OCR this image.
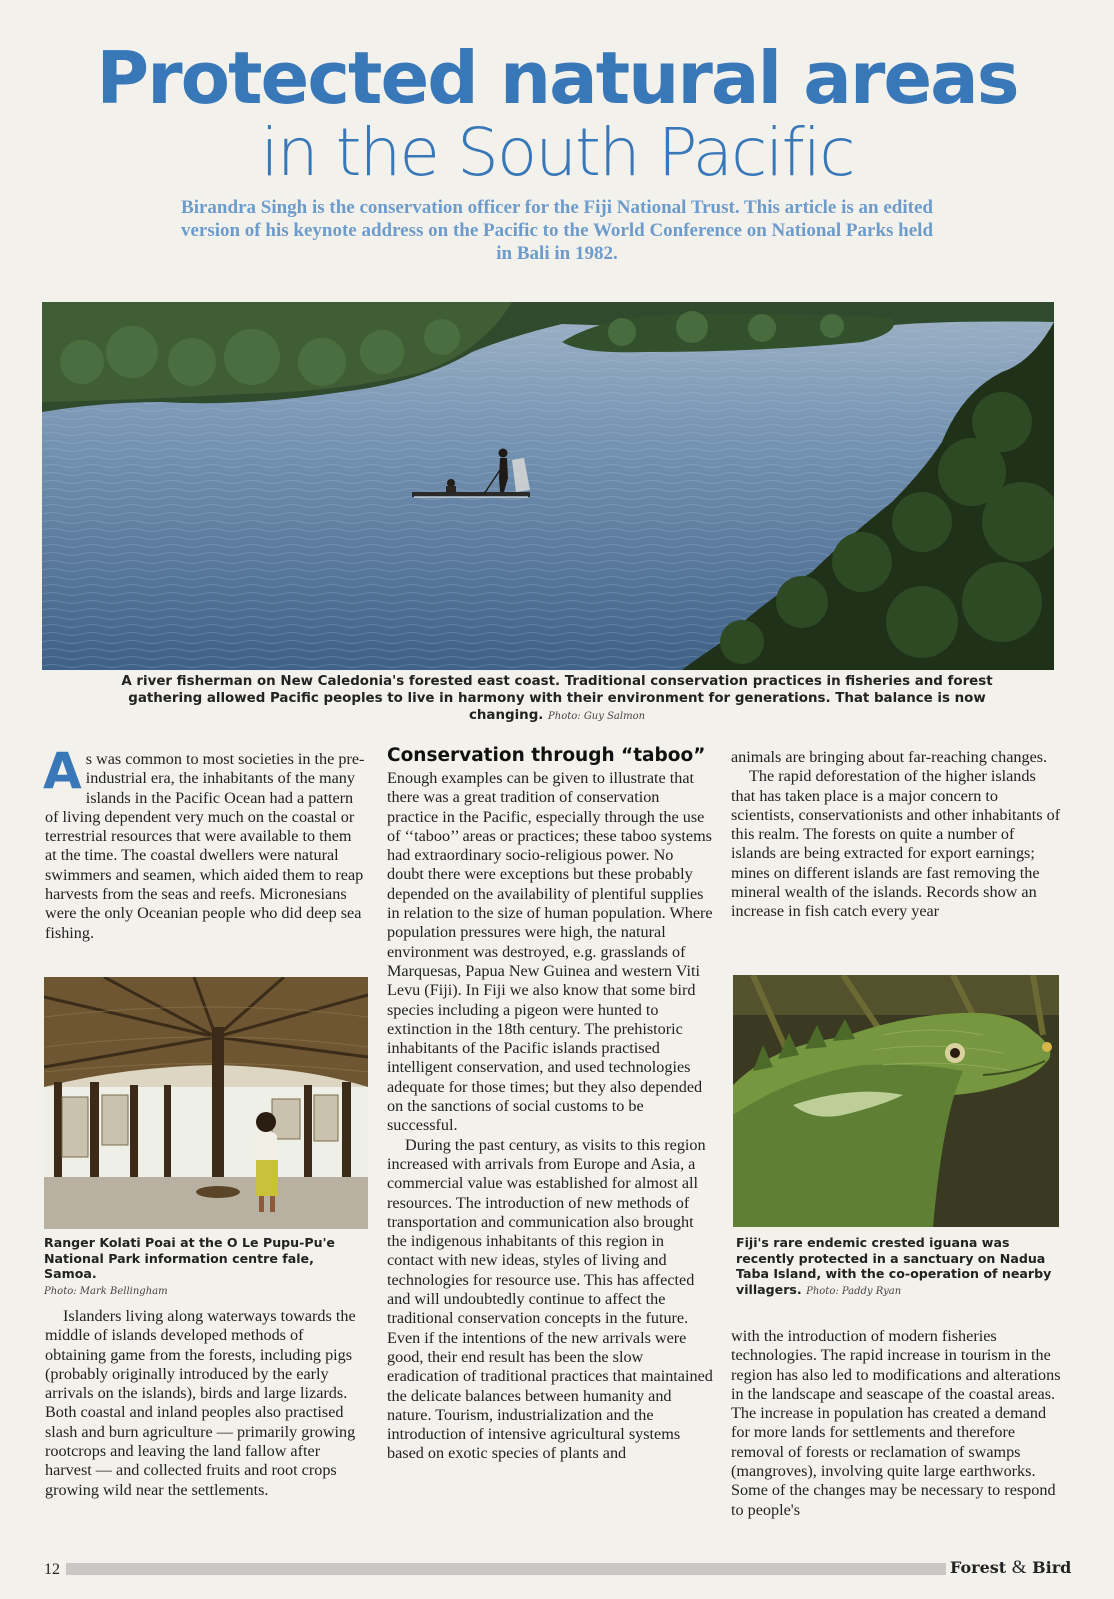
Protected natural areas
in the South Pacific
Birandra Singh is the conservation officer for the Fiji National Trust. This article is an edited version of his keynote address on the Pacific to the World Conference on National Parks held in Bali in 1982.
A river fisherman on New Caledonia's forested east coast. Traditional conservation practices in fisheries and forest gathering allowed Pacific peoples to live in harmony with their environment for generations. That balance is now changing. Photo: Guy Salmon

As was common to most societies in the pre-industrial era, the inhabitants of the many islands in the Pacific Ocean had a pattern of living dependent very much on the coastal or terrestrial resources that were available to them at the time. The coastal dwellers were natural swimmers and seamen, which aided them to reap harvests from the seas and reefs. Micronesians were the only Oceanian people who did deep sea fishing.

Ranger Kolati Poai at the O Le Pupu-Pu'e National Park information centre fale, Samoa.
Photo: Mark Bellingham

Islanders living along waterways towards the middle of islands developed methods of obtaining game from the forests, including pigs (probably originally introduced by the early arrivals on the islands), birds and large lizards. Both coastal and inland peoples also practised slash and burn agriculture — primarily growing rootcrops and leaving the land fallow after harvest — and collected fruits and root crops growing wild near the settlements.

Conservation through “taboo”

Enough examples can be given to illustrate that there was a great tradition of conservation practice in the Pacific, especially through the use of ‘‘taboo’’ areas or practices; these taboo systems had extraordinary socio-religious power. No doubt there were exceptions but these probably depended on the availability of plentiful supplies in relation to the size of human population. Where population pressures were high, the natural environment was destroyed, e.g. grasslands of Marquesas, Papua New Guinea and western Viti Levu (Fiji). In Fiji we also know that some bird species including a pigeon were hunted to extinction in the 18th century. The prehistoric inhabitants of the Pacific islands practised intelligent conservation, and used technologies adequate for those times; but they also depended on the sanctions of social customs to be successful.

During the past century, as visits to this region increased with arrivals from Europe and Asia, a commercial value was established for almost all resources. The introduction of new methods of transportation and communication also brought the indigenous inhabitants of this region in contact with new ideas, styles of living and technologies for resource use. This has affected and will undoubtedly continue to affect the traditional conservation concepts in the future. Even if the intentions of the new arrivals were good, their end result has been the slow eradication of traditional practices that maintained the delicate balances between humanity and nature. Tourism, industrialization and the introduction of intensive agricultural systems based on exotic species of plants and

animals are bringing about far-reaching changes.

The rapid deforestation of the higher islands that has taken place is a major concern to scientists, conservationists and other inhabitants of this realm. The forests on quite a number of islands are being extracted for export earnings; mines on different islands are fast removing the mineral wealth of the islands. Records show an increase in fish catch every year

Fiji's rare endemic crested iguana was recently protected in a sanctuary on Nadua Taba Island, with the co-operation of nearby villagers. Photo: Paddy Ryan

with the introduction of modern fisheries technologies. The rapid increase in tourism in the region has also led to modifications and alterations in the landscape and seascape of the coastal areas. The increase in population has created a demand for more lands for settlements and therefore removal of forests or reclamation of swamps (mangroves), involving quite large earthworks. Some of the changes may be necessary to respond to people's

12	Forest & Bird
